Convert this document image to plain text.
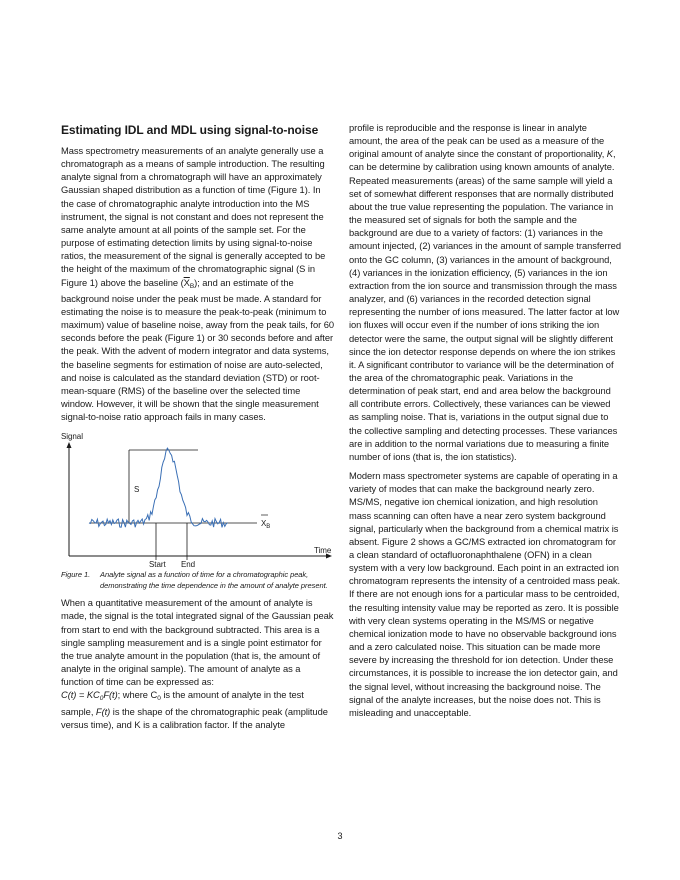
Estimating IDL and MDL using signal-to-noise

Mass spectrometry measurements of an analyte generally use a chromatograph as a means of sample introduction. The resulting analyte signal from a chromatograph will have an approximately Gaussian shaped distribution as a function of time (Figure 1). In the case of chromatographic analyte introduction into the MS instrument, the signal is not constant and does not represent the same analyte amount at all points of the sample set. For the purpose of estimating detection limits by using signal-to-noise ratios, the measurement of the signal is generally accepted to be the height of the maximum of the chromatographic signal (S in Figure 1) above the baseline $(\overline{X}_B)$; and an estimate of the background noise under the peak must be made. A standard for estimating the noise is to measure the peak-to-peak (minimum to maximum) value of baseline noise, away from the peak tails, for 60 seconds before the peak (Figure 1) or 30 seconds before and after the peak. With the advent of modern integrator and data systems, the baseline segments for estimation of noise are auto-selected, and noise is calculated as the standard deviation (STD) or root-mean-square (RMS) of the baseline over the selected time window. However, it will be shown that the single measurement signal-to-noise ratio approach fails in many cases.

Signal
Time
S
$X_B$
Start End
Figure 1.	Analyte signal as a function of time for a chromatographic peak, demonstrating the time dependence in the amount of analyte present.

When a quantitative measurement of the amount of analyte is made, the signal is the total integrated signal of the Gaussian peak from start to end with the background subtracted. This area is a single sampling measurement and is a single point estimator for the true analyte amount in the population (that is, the amount of analyte in the original sample). The amount of analyte as a function of time can be expressed as:
$C(t) = KC_0F(t)$; where $C_0$ is the amount of analyte in the test sample, F(t) is the shape of the chromatographic peak (amplitude versus time), and K is a calibration factor. If the analyte

profile is reproducible and the response is linear in analyte amount, the area of the peak can be used as a measure of the original amount of analyte since the constant of proportionality, K, can be determine by calibration using known amounts of analyte. Repeated measurements (areas) of the same sample will yield a set of somewhat different responses that are normally distributed about the true value representing the population. The variance in the measured set of signals for both the sample and the background are due to a variety of factors: (1) variances in the amount injected, (2) variances in the amount of sample transferred onto the GC column, (3) variances in the amount of background, (4) variances in the ionization efficiency, (5) variances in the ion extraction from the ion source and transmission through the mass analyzer, and (6) variances in the recorded detection signal representing the number of ions measured. The latter factor at low ion fluxes will occur even if the number of ions striking the ion detector were the same, the output signal will be slightly different since the ion detector response depends on where the ion strikes it. A significant contributor to variance will be the determination of the area of the chromatographic peak. Variations in the determination of peak start, end and area below the background all contribute errors. Collectively, these variances can be viewed as sampling noise. That is, variations in the output signal due to the collective sampling and detecting processes. These variances are in addition to the normal variations due to measuring a finite number of ions (that is, the ion statistics).

Modern mass spectrometer systems are capable of operating in a variety of modes that can make the background nearly zero. MS/MS, negative ion chemical ionization, and high resolution mass scanning can often have a near zero system background signal, particularly when the background from a chemical matrix is absent. Figure 2 shows a GC/MS extracted ion chromatogram for a clean standard of octafluoronaphthalene (OFN) in a clean system with a very low background. Each point in an extracted ion chromatogram represents the intensity of a centroided mass peak. If there are not enough ions for a particular mass to be centroided, the resulting intensity value may be reported as zero. It is possible with very clean systems operating in the MS/MS or negative chemical ionization mode to have no observable background ions and a zero calculated noise. This situation can be made more severe by increasing the threshold for ion detection. Under these circumstances, it is possible to increase the ion detector gain, and the signal level, without increasing the background noise. The signal of the analyte increases, but the noise does not. This is misleading and unacceptable.

3
